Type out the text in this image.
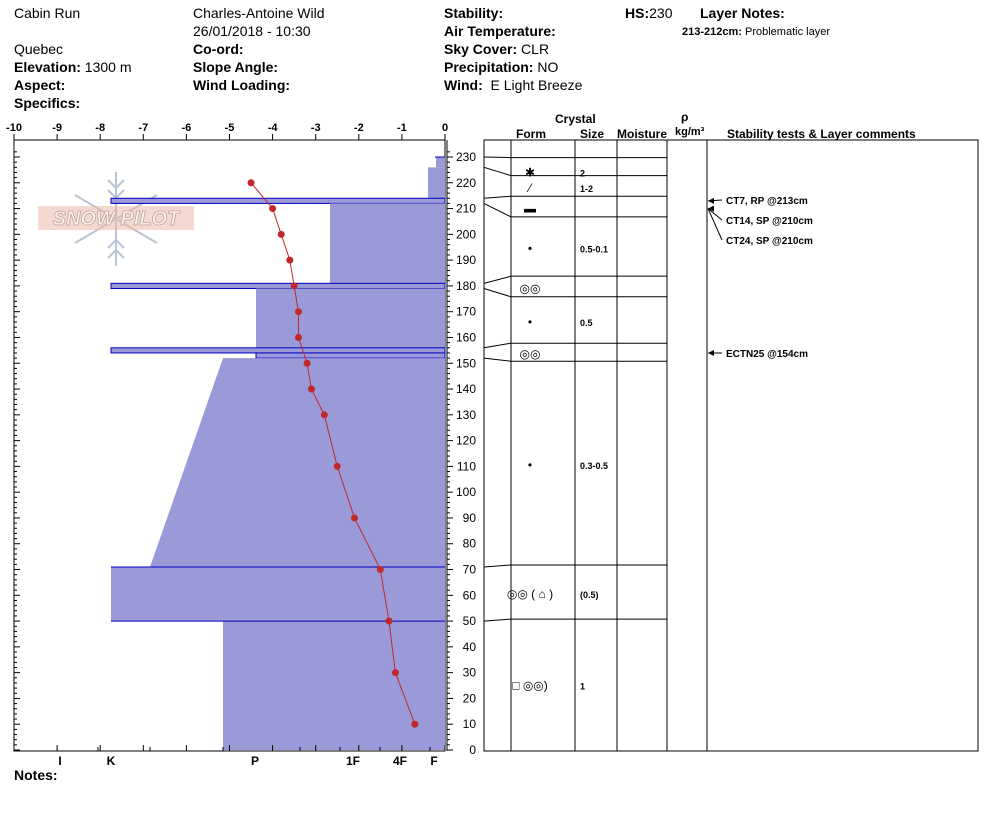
Cabin Run
Quebec
Elevation: 1300 m
Aspect:
Specifics:
Charles-Antoine Wild
26/01/2018 - 10:30
Co-ord:
Slope Angle:
Wind Loading:
Stability:
Air Temperature:
Sky Cover: CLR
Precipitation: NO
Wind: E Light Breeze
HS:230 Layer Notes:
213-212cm: Problematic layer
Notes:
SNOW PILOT
-10	-9	-8	-7	-6	-5	-4	-3	-2	-1	0
0
10
20
30
40
50
60
70
80
90
100
110
120
130
140
150
160
170
180
190
200
210
220
230
I	K	P	1F	4F F
✱	2
⁄	1-2
▬
•	0.5-0.1
◎◎
•	0.5
◎◎
•	0.3-0.5
◎◎ ( ⌂ )	(0.5)
□ ◎◎)	1
CT7, RP @213cm
CT14, SP @210cm
CT24, SP @210cm
ECTN25 @154cm
Crystal
Form	Size Moisture
ρ
kg/m³ Stability tests & Layer comments
